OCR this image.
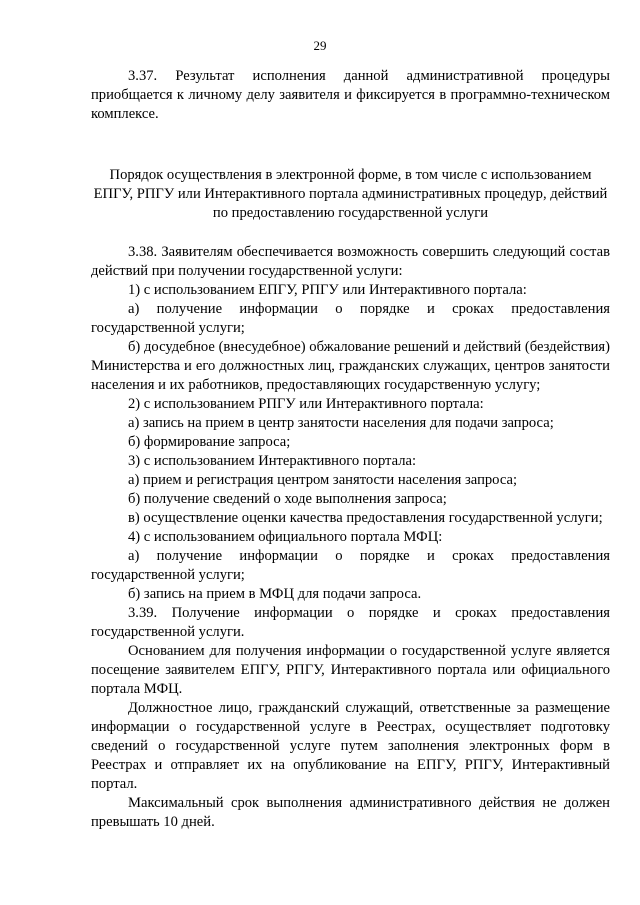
29

3.37. Результат исполнения данной административной процедуры приобщается к личному делу заявителя и фиксируется в программно-техническом комплексе.

Порядок осуществления в электронной форме, в том числе с использованием ЕПГУ, РПГУ или Интерактивного портала административных процедур, действий по предоставлению государственной услуги

3.38. Заявителям обеспечивается возможность совершить следующий состав действий при получении государственной услуги:

1) с использованием ЕПГУ, РПГУ или Интерактивного портала:

а) получение информации о порядке и сроках предоставления государственной услуги;

б) досудебное (внесудебное) обжалование решений и действий (бездействия) Министерства и его должностных лиц, гражданских служащих, центров занятости населения и их работников, предоставляющих государственную услугу;

2) с использованием РПГУ или Интерактивного портала:

а) запись на прием в центр занятости населения для подачи запроса;

б) формирование запроса;

3) с использованием Интерактивного портала:

а) прием и регистрация центром занятости населения запроса;

б) получение сведений о ходе выполнения запроса;

в) осуществление оценки качества предоставления государственной услуги;

4) с использованием официального портала МФЦ:

а) получение информации о порядке и сроках предоставления государственной услуги;

б) запись на прием в МФЦ для подачи запроса.

3.39. Получение информации о порядке и сроках предоставления государственной услуги.

Основанием для получения информации о государственной услуге является посещение заявителем ЕПГУ, РПГУ, Интерактивного портала или официального портала МФЦ.

Должностное лицо, гражданский служащий, ответственные за размещение информации о государственной услуге в Реестрах, осуществляет подготовку сведений о государственной услуге путем заполнения электронных форм в Реестрах и отправляет их на опубликование на ЕПГУ, РПГУ, Интерактивный портал.

Максимальный срок выполнения административного действия не должен превышать 10 дней.
